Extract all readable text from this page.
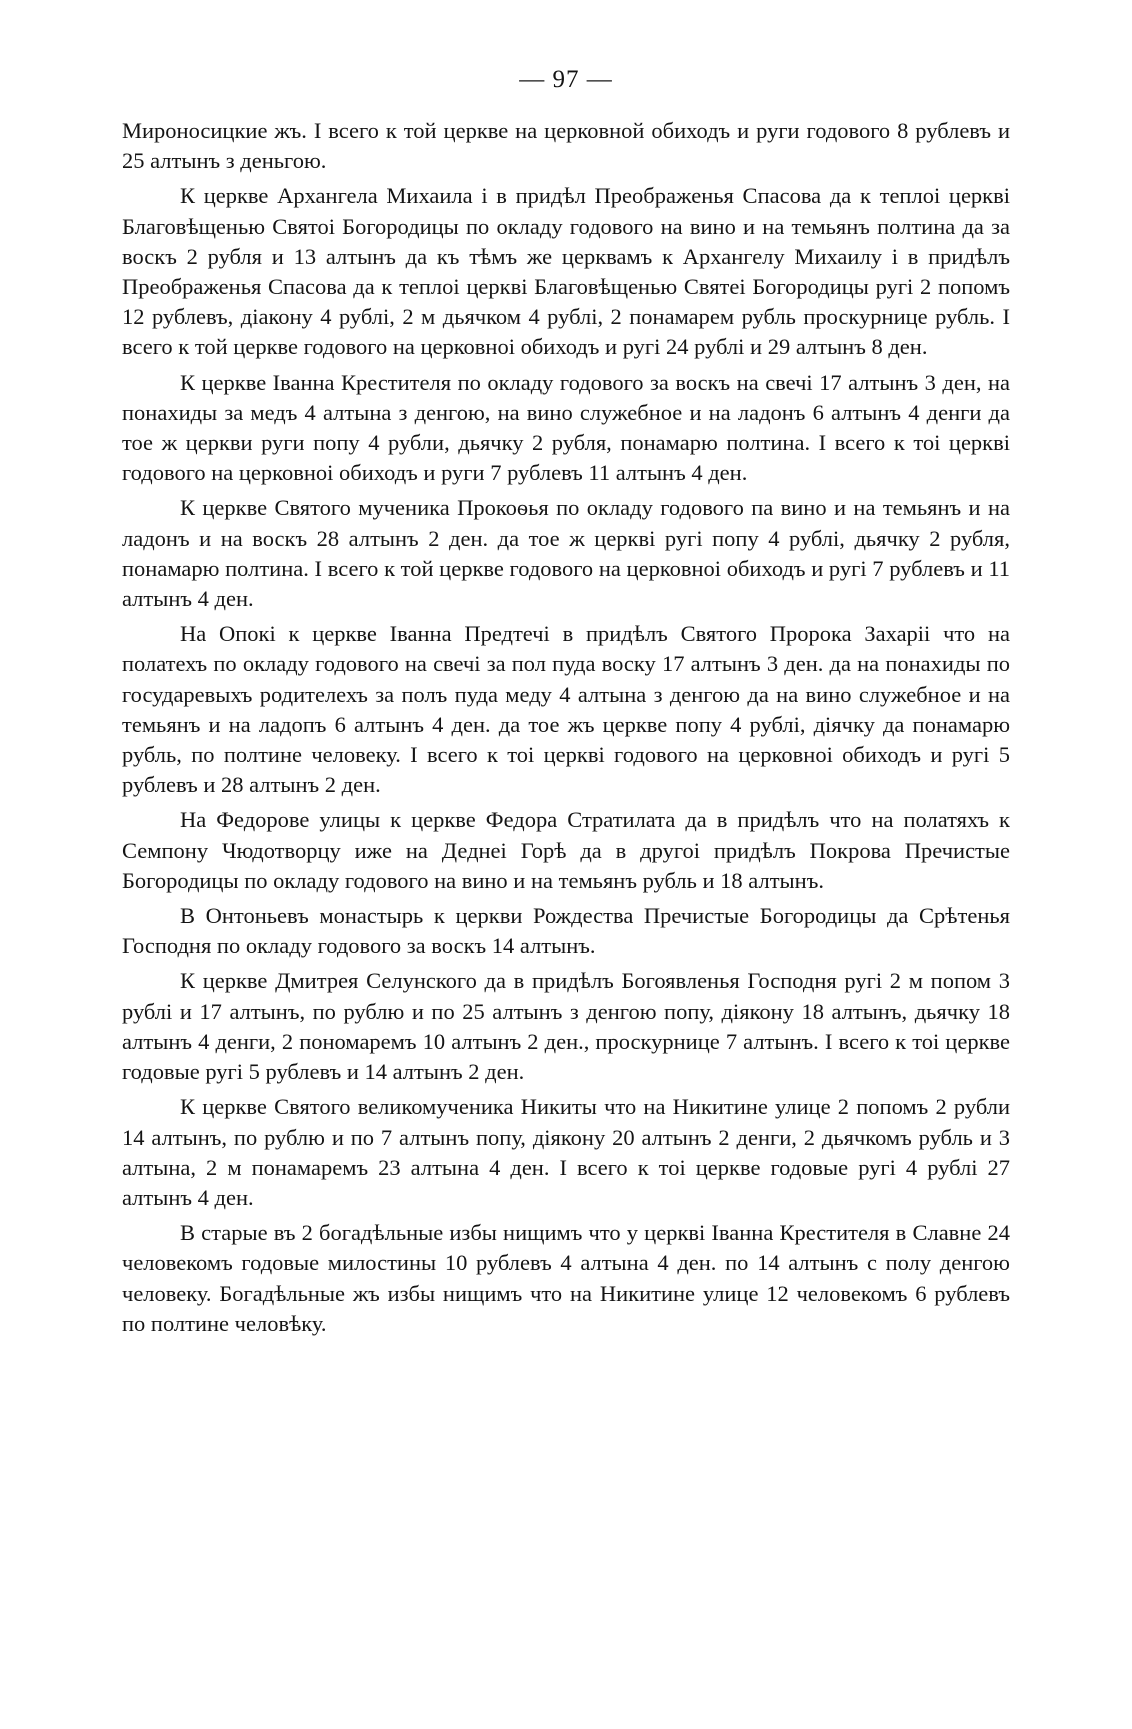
— 97 —

Мироносицкие жъ. I всего к той церкве на церковной обиходъ и руги годового 8 рублевъ и 25 алтынъ з деньгою.

К церкве Архангела Михаила і в придѣл Преображенья Спасова да к теплоі церкві Благовѣщенью Святоі Богородицы по окладу годового на вино и на темьянъ полтина да за воскъ 2 рубля и 13 алтынъ да къ тѣмъ же церквамъ к Архангелу Михаилу і в придѣлъ Преображенья Спасова да к теплоі церкві Благовѣщенью Святеі Богородицы ругі 2 попомъ 12 рублевъ, діакону 4 рублі, 2 м дьячком 4 рублі, 2 понамарем рубль проскурнице рубль. I всего к той церкве годового на церковноі обиходъ и ругі 24 рублі и 29 алтынъ 8 ден.

К церкве Іванна Крестителя по окладу годового за воскъ на свечі 17 алтынъ 3 ден, на понахиды за медъ 4 алтына з денгою, на вино служебное и на ладонъ 6 алтынъ 4 денги да тое ж церкви руги попу 4 рубли, дьячку 2 рубля, понамарю полтина. I всего к тоі церкві годового на церковноі обиходъ и руги 7 рублевъ 11 алтынъ 4 ден.

К церкве Святого мученика Прокоѳья по окладу годового па вино и на темьянъ и на ладонъ и на воскъ 28 алтынъ 2 ден. да тое ж церкві ругі попу 4 рублі, дьячку 2 рубля, понамарю полтина. I всего к той церкве годового на церковноі обиходъ и ругі 7 рублевъ и 11 алтынъ 4 ден.

На Опокі к церкве Іванна Предтечі в придѣлъ Святого Пророка Захарiі что на полатехъ по окладу годового на свечі за пол пуда воску 17 алтынъ 3 ден. да на понахиды по государевыхъ родителехъ за полъ пуда меду 4 алтына з денгою да на вино служебное и на темьянъ и на ладопъ 6 алтынъ 4 ден. да тое жъ церкве попу 4 рублі, діячку да понамарю рубль, по полтине человеку. I всего к тоі церкві годового на церковноі обиходъ и ругі 5 рублевъ и 28 алтынъ 2 ден.

На Федорове улицы к церкве Федора Стратилата да в придѣлъ что на полатяхъ к Семпону Чюдотворцу иже на Деднеі Горѣ да в другоі придѣлъ Покрова Пречистые Богородицы по окладу годового на вино и на темьянъ рубль и 18 алтынъ.

В Онтоньевъ монастырь к церкви Рождества Пречистые Богородицы да Срѣтенья Господня по окладу годового за воскъ 14 алтынъ.

К церкве Дмитрея Селунского да в придѣлъ Богоявленья Господня ругі 2 м попом 3 рублі и 17 алтынъ, по рублю и по 25 алтынъ з денгою попу, діякону 18 алтынъ, дьячку 18 алтынъ 4 денги, 2 пономаремъ 10 алтынъ 2 ден., проскурнице 7 алтынъ. I всего к тоі церкве годовые ругі 5 рублевъ и 14 алтынъ 2 ден.

К церкве Святого великомученика Никиты что на Никитине улице 2 попомъ 2 рубли 14 алтынъ, по рублю и по 7 алтынъ попу, діякону 20 алтынъ 2 денги, 2 дьячкомъ рубль и 3 алтына, 2 м понамаремъ 23 алтына 4 ден. I всего к тоі церкве годовые ругі 4 рублі 27 алтынъ 4 ден.

В старые въ 2 богадѣльные избы нищимъ что у церкві Іванна Крестителя в Славне 24 человекомъ годовые милостины 10 рублевъ 4 алтына 4 ден. по 14 алтынъ с полу денгою человеку. Богадѣльные жъ избы нищимъ что на Никитине улице 12 человекомъ 6 рублевъ по полтине человѣку.
